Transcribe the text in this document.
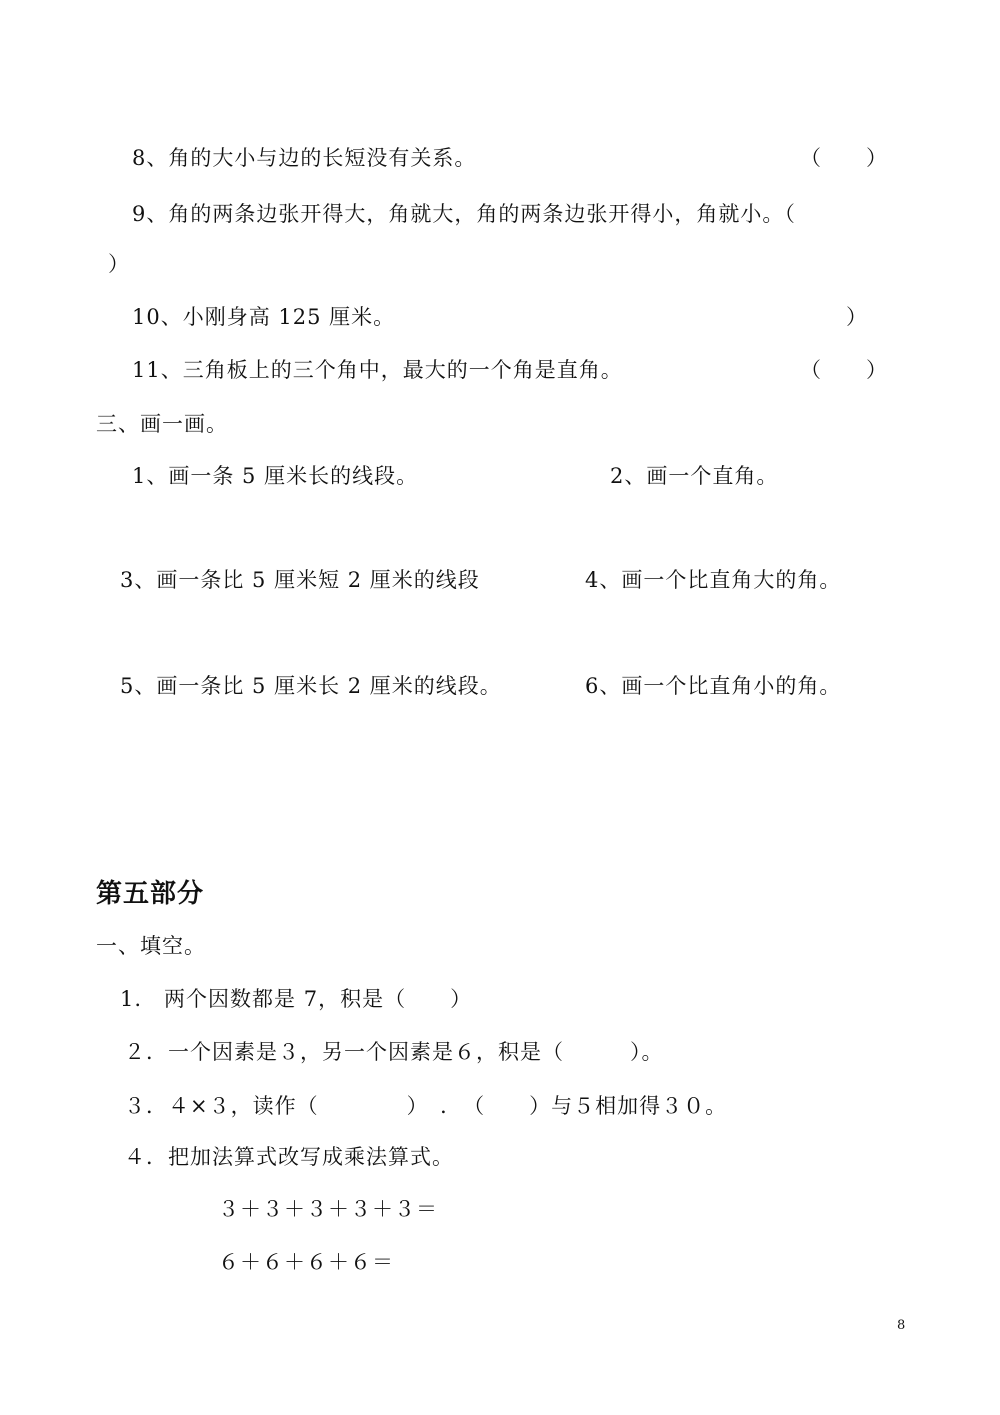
8、角的大小与边的长短没有关系。	（　　）
9、角的两条边张开得大，角就大，角的两条边张开得小，角就小。（
）
10、小刚身高 125 厘米。	）
11、三角板上的三个角中，最大的一个角是直角。	（　　）
三、画一画。
1、画一条 5 厘米长的线段。	2、画一个直角。
3、画一条比 5 厘米短 2 厘米的线段	4、画一个比直角大的角。
5、画一条比 5 厘米长 2 厘米的线段。	6、画一个比直角小的角。
第五部分
一、填空。
1.　两个因数都是 7，积是（　　）
２．一个因素是３，另一个因素是６，积是（　　　）。
３．４×３，读作（　　　　）　．　（　　）与５相加得３０。
４．把加法算式改写成乘法算式。
３＋３＋３＋３＋３＝
６＋６＋６＋６＝
8
